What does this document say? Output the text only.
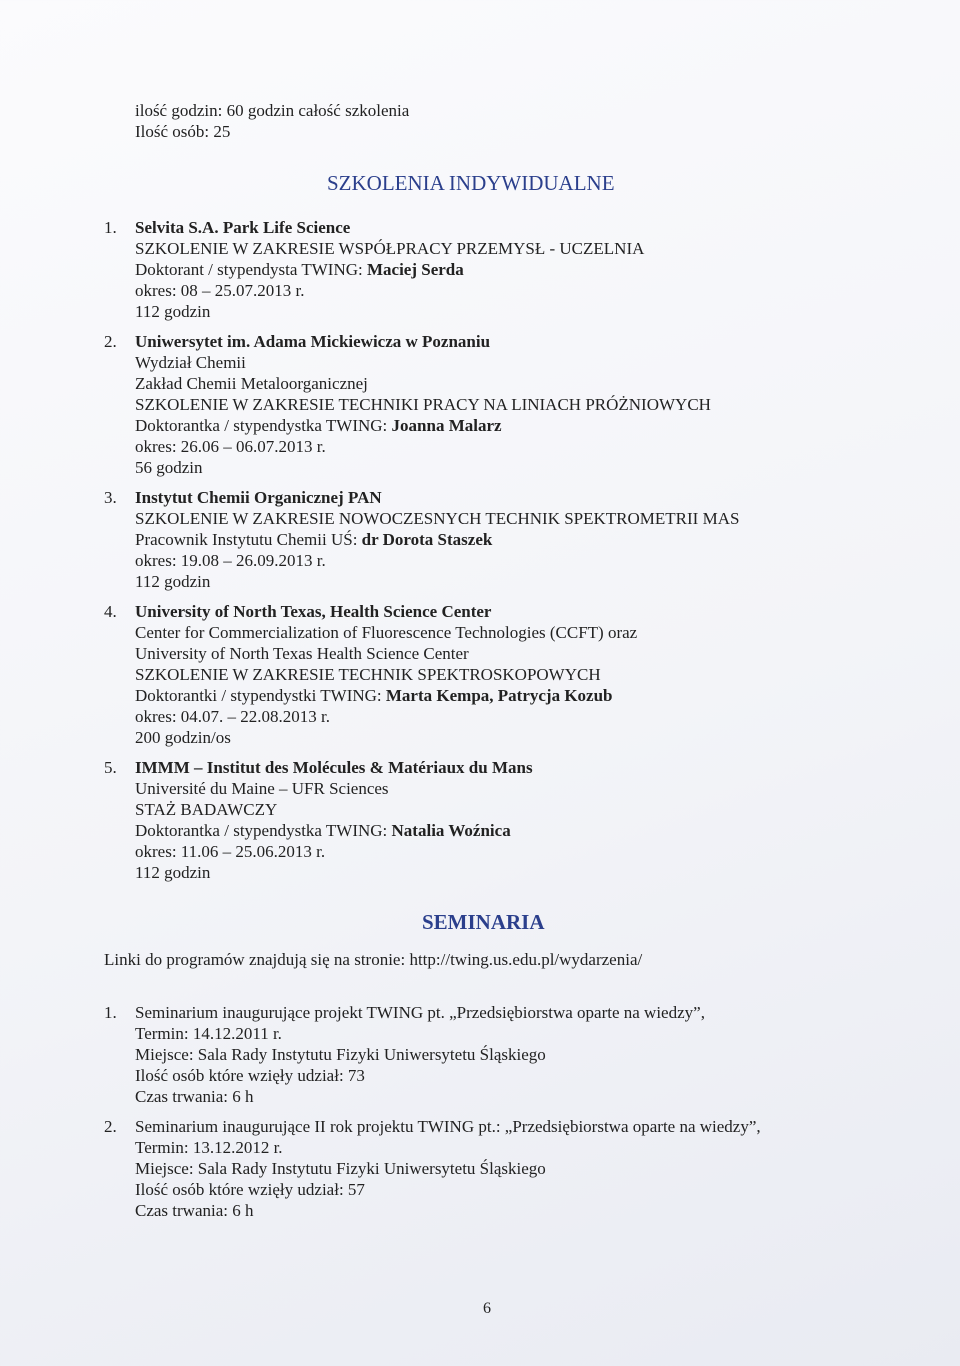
ilość godzin: 60 godzin całość szkolenia
Ilość osób: 25
SZKOLENIA INDYWIDUALNE
1.	Selvita S.A. Park Life Science
SZKOLENIE W ZAKRESIE WSPÓŁPRACY PRZEMYSŁ - UCZELNIA
Doktorant / stypendysta TWING: Maciej Serda
okres: 08 – 25.07.2013 r.
112 godzin
2.	Uniwersytet im. Adama Mickiewicza w Poznaniu
Wydział Chemii
Zakład Chemii Metaloorganicznej
SZKOLENIE W ZAKRESIE TECHNIKI PRACY NA LINIACH PRÓŻNIOWYCH
Doktorantka / stypendystka TWING: Joanna Malarz
okres: 26.06 – 06.07.2013 r.
56 godzin
3.	Instytut Chemii Organicznej PAN
SZKOLENIE W ZAKRESIE NOWOCZESNYCH TECHNIK SPEKTROMETRII MAS
Pracownik Instytutu Chemii UŚ: dr Dorota Staszek
okres: 19.08 – 26.09.2013 r.
112 godzin
4.	University of North Texas, Health Science Center
Center for Commercialization of Fluorescence Technologies (CCFT) oraz
University of North Texas Health Science Center
SZKOLENIE W ZAKRESIE TECHNIK SPEKTROSKOPOWYCH
Doktorantki / stypendystki TWING: Marta Kempa, Patrycja Kozub
okres: 04.07. – 22.08.2013 r.
200 godzin/os
5.	IMMM – Institut des Molécules & Matériaux du Mans
Université du Maine – UFR Sciences
STAŻ BADAWCZY
Doktorantka / stypendystka TWING: Natalia Woźnica
okres: 11.06 – 25.06.2013 r.
112 godzin
SEMINARIA
Linki do programów znajdują się na stronie: http://twing.us.edu.pl/wydarzenia/
1.	Seminarium inaugurujące projekt TWING pt. „Przedsiębiorstwa oparte na wiedzy”,
Termin: 14.12.2011 r.
Miejsce: Sala Rady Instytutu Fizyki Uniwersytetu Śląskiego
Ilość osób które wzięły udział: 73
Czas trwania: 6 h
2.	Seminarium inaugurujące II rok projektu TWING pt.: „Przedsiębiorstwa oparte na wiedzy”,
Termin: 13.12.2012 r.
Miejsce: Sala Rady Instytutu Fizyki Uniwersytetu Śląskiego
Ilość osób które wzięły udział: 57
Czas trwania: 6 h
6
